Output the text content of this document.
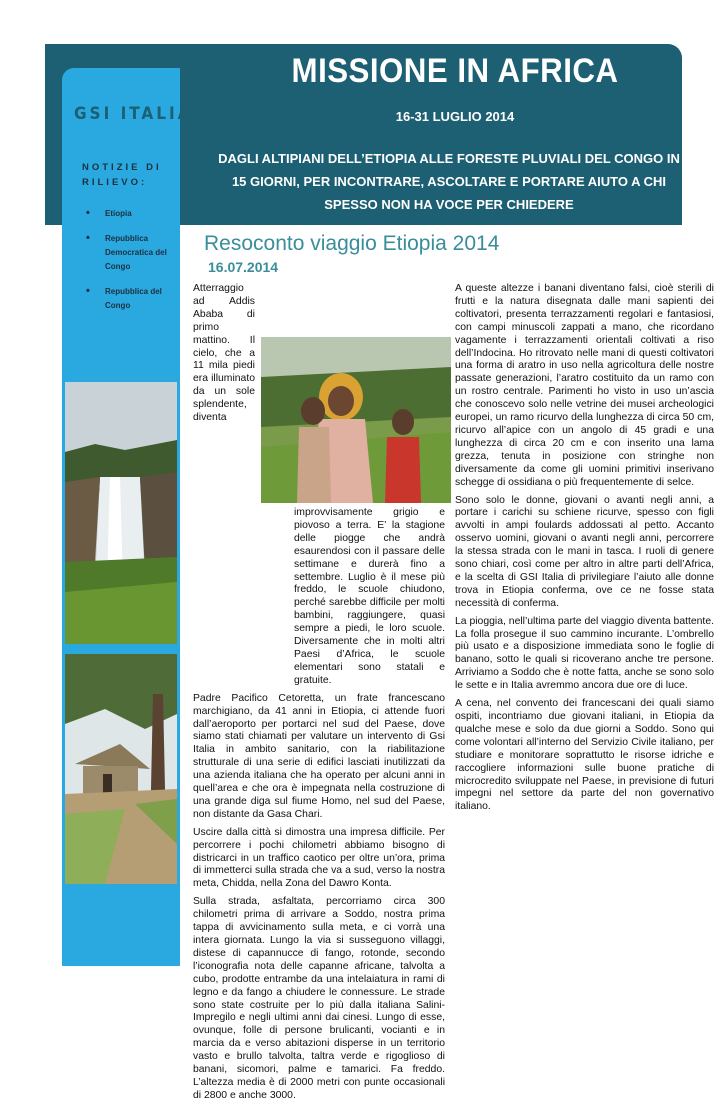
MISSIONE IN AFRICA
16-31 LUGLIO 2014
DAGLI ALTIPIANI DELL’ETIOPIA ALLE FORESTE PLUVIALI DEL CONGO IN 15 GIORNI, PER INCONTRARE, ASCOLTARE E PORTARE AIUTO A CHI SPESSO NON HA VOCE PER CHIEDERE
GSI ITALIA
NOTIZIE DI RILIEVO:
• Etiopia
• Repubblica Democratica del Congo
• Repubblica del Congo
Resoconto viaggio Etiopia 2014
16.07.2014

Atterraggio ad Addis Ababa di primo mattino. Il cielo, che a 11 mila piedi era illuminato da un sole splendente, diventa improvvisamente grigio e piovoso a terra. E’ la stagione delle piogge che andrà esaurendosi con il passare delle settimane e durerà fino a settembre. Luglio è il mese più freddo, le scuole chiudono, perché sarebbe difficile per molti bambini, raggiungere, quasi sempre a piedi, le loro scuole. Diversamente che in molti altri Paesi d’Africa, le scuole elementari sono statali e gratuite.

Padre Pacifico Cetoretta, un frate francescano marchigiano, da 41 anni in Etiopia, ci attende fuori dall’aeroporto per portarci nel sud del Paese, dove siamo stati chiamati per valutare un intervento di Gsi Italia in ambito sanitario, con la riabilitazione strutturale di una serie di edifici lasciati inutilizzati da una azienda italiana che ha operato per alcuni anni in quell’area e che ora è impegnata nella costruzione di una grande diga sul fiume Homo, nel sud del Paese, non distante da Gasa Chari.

Uscire dalla città si dimostra una impresa difficile. Per percorrere i pochi chilometri abbiamo bisogno di districarci in un traffico caotico per oltre un’ora, prima di immetterci sulla strada che va a sud, verso la nostra meta, Chidda, nella Zona del Dawro Konta.

Sulla strada, asfaltata, percorriamo circa 300 chilometri prima di arrivare a Soddo, nostra prima tappa di avvicinamento sulla meta, e ci vorrà una intera giornata. Lungo la via si susseguono villaggi, distese di capannucce di fango, rotonde, secondo l’iconografia nota delle capanne africane, talvolta a cubo, prodotte entrambe da una intelaiatura in rami di legno e da fango a chiudere le connessure. Le strade sono state costruite per lo più dalla italiana Salini-Impregilo e negli ultimi anni dai cinesi. Lungo di esse, ovunque, folle di persone brulicanti, vocianti e in marcia da e verso abitazioni disperse in un territorio vasto e brullo talvolta, taltra verde e rigoglioso di banani, sicomori, palme e tamarici. Fa freddo. L’altezza media è di 2000 metri con punte occasionali di 2800 e anche 3000.

A queste altezze i banani diventano falsi, cioè sterili di frutti e la natura disegnata dalle mani sapienti dei coltivatori, presenta terrazzamenti regolari e fantasiosi, con campi minuscoli zappati a mano, che ricordano vagamente i terrazzamenti orientali coltivati a riso dell’Indocina. Ho ritrovato nelle mani di questi coltivatori una forma di aratro in uso nella agricoltura delle nostre passate generazioni, l’aratro costituito da un ramo con un rostro centrale. Parimenti ho visto in uso un’ascia che conoscevo solo nelle vetrine dei musei archeologici europei, un ramo ricurvo della lunghezza di circa 50 cm, ricurvo all’apice con un angolo di 45 gradi e una lunghezza di circa 20 cm e con inserito una lama grezza, tenuta in posizione con stringhe non diversamente da come gli uomini primitivi inserivano schegge di ossidiana o più frequentemente di selce.

Sono solo le donne, giovani o avanti negli anni, a portare i carichi su schiene ricurve, spesso con figli avvolti in ampi foulards addossati al petto. Accanto osservo uomini, giovani o avanti negli anni, percorrere la stessa strada con le mani in tasca. I ruoli di genere sono chiari, così come per altro in altre parti dell’Africa, e la scelta di GSI Italia di privilegiare l’aiuto alle donne trova in Etiopia conferma, ove ce ne fosse stata necessità di conferma.

La pioggia, nell’ultima parte del viaggio diventa battente. La folla prosegue il suo cammino incurante. L’ombrello più usato e a disposizione immediata sono le foglie di banano, sotto le quali si ricoverano anche tre persone. Arriviamo a Soddo che è notte fatta, anche se sono solo le sette e in Italia avremmo ancora due ore di luce.

A cena, nel convento dei francescani dei quali siamo ospiti, incontriamo due giovani italiani, in Etiopia da qualche mese e solo da due giorni a Soddo. Sono qui come volontari all’interno del Servizio Civile italiano, per studiare e monitorare soprattutto le risorse idriche e raccogliere informazioni sulle buone pratiche di microcredito sviluppate nel Paese, in previsione di futuri impegni nel settore da parte del non governativo italiano.
